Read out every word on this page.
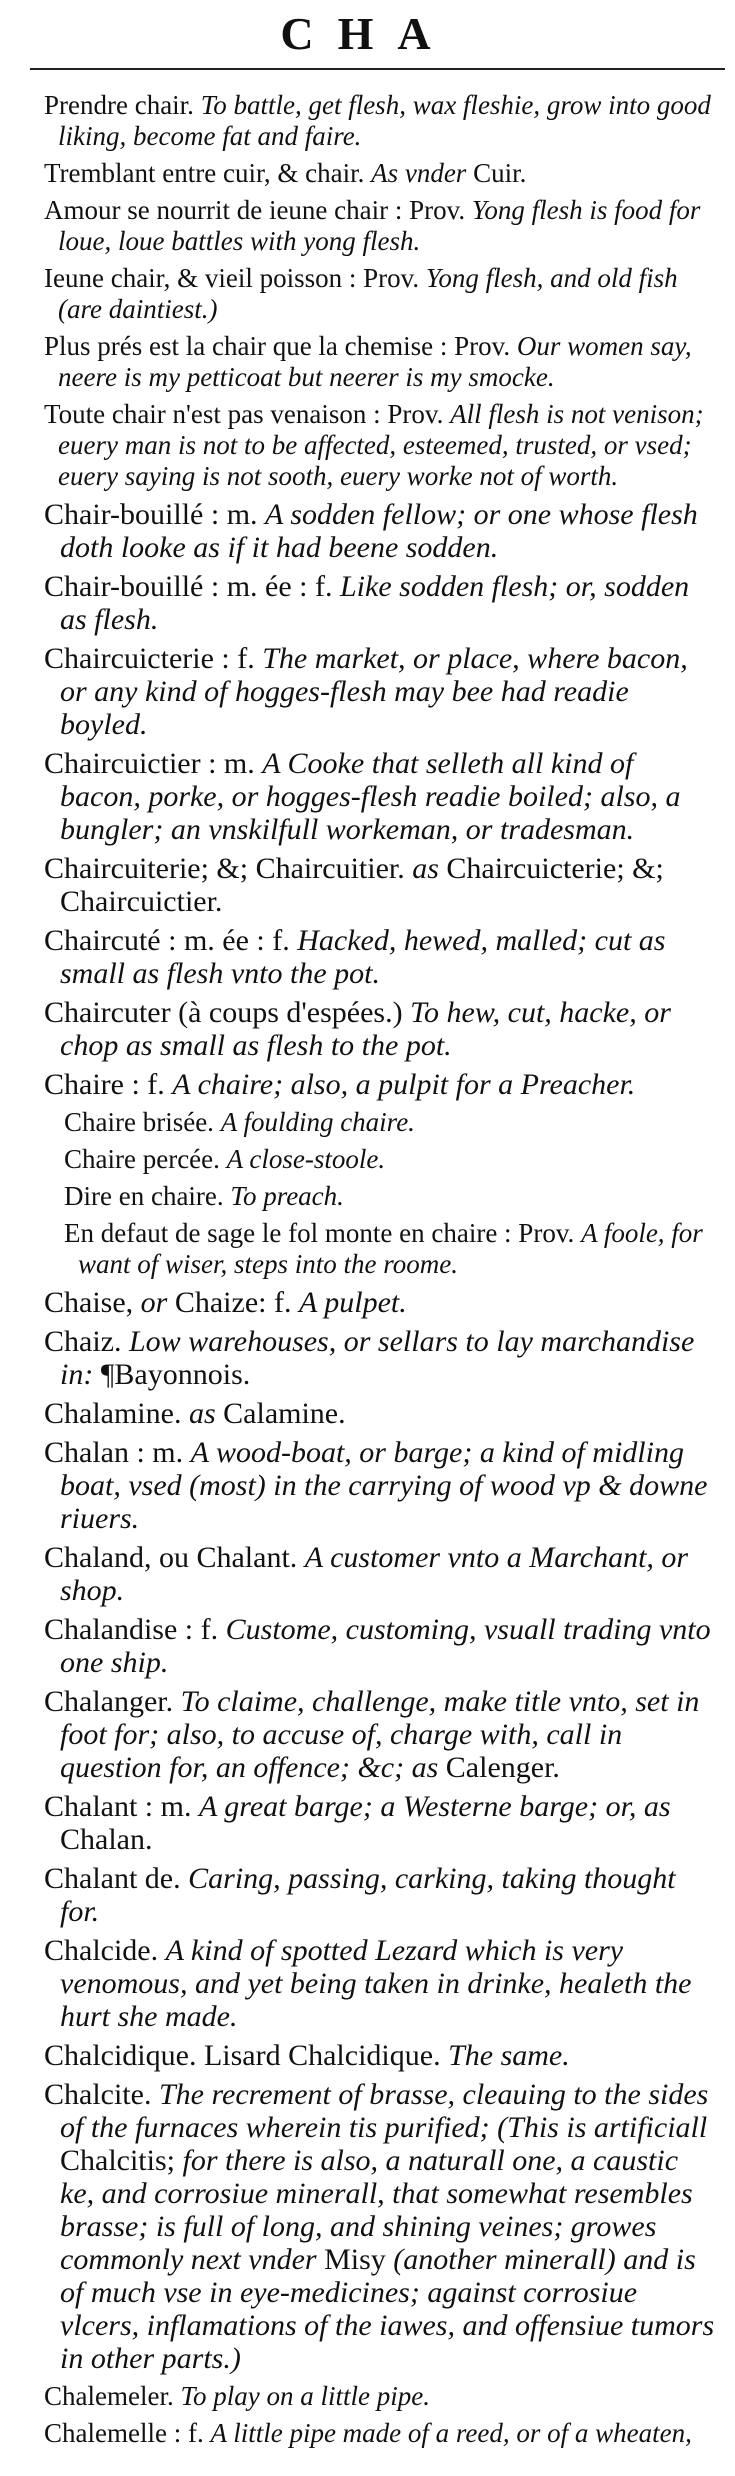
CHA
Prendre chair. To battle, get flesh, wax fleshie, grow into good liking, become fat and faire.
Tremblant entre cuir, & chair. As vnder Cuir.
Amour se nourrit de ieune chair : Prov. Yong flesh is food for loue, loue battles with yong flesh.
Ieune chair, & vieil poisson : Prov. Yong flesh, and old fish (are daintiest.)
Plus prés est la chair que la chemise : Prov. Our women say, neere is my petticoat but neerer is my smocke.
Toute chair n'est pas venaison : Prov. All flesh is not venison; euery man is not to be affected, esteemed, trusted, or vsed; euery saying is not sooth, euery worke not of worth.
Chair-bouillé : m. A sodden fellow; or one whose flesh doth looke as if it had beene sodden.
Chair-bouillé : m. ée : f. Like sodden flesh; or, sodden as flesh.
Chaircuicterie : f. The market, or place, where bacon, or any kind of hogges-flesh may bee had readie boyled.
Chaircuictier : m. A Cooke that selleth all kind of bacon, porke, or hogges-flesh readie boiled; also, a bungler; an vnskilfull workeman, or tradesman.
Chaircuiterie; &; Chaircuitier. as Chaircuicterie; &; Chaircuictier.
Chaircuté : m. ée : f. Hacked, hewed, malled; cut as small as flesh vnto the pot.
Chaircuter (à coups d'espées.) To hew, cut, hacke, or chop as small as flesh to the pot.
Chaire : f. A chaire; also, a pulpit for a Preacher.
Chaire brisée. A foulding chaire.
Chaire percée. A close-stoole.
Dire en chaire. To preach.
En defaut de sage le fol monte en chaire : Prov. A foole, for want of wiser, steps into the roome.
Chaise, or Chaize: f. A pulpet.
Chaiz. Low warehouses, or sellars to lay marchandise in: ¶Bayonnois.
Chalamine. as Calamine.
Chalan : m. A wood-boat, or barge; a kind of midling boat, vsed (most) in the carrying of wood vp & downe riuers.
Chaland, ou Chalant. A customer vnto a Marchant, or shop.
Chalandise : f. Custome, customing, vsuall trading vnto one ship.
Chalanger. To claime, challenge, make title vnto, set in foot for; also, to accuse of, charge with, call in question for, an offence; &c; as Calenger.
Chalant : m. A great barge; a Westerne barge; or, as Chalan.
Chalant de. Caring, passing, carking, taking thought for.
Chalcide. A kind of spotted Lezard which is very venomous, and yet being taken in drinke, healeth the hurt she made.
Chalcidique. Lisard Chalcidique. The same.
Chalcite. The recrement of brasse, cleauing to the sides of the furnaces wherein tis purified; (This is artificiall Chalcitis; for there is also, a naturall one, a caustic ke, and corrosiue minerall, that somewhat resembles brasse; is full of long, and shining veines; growes commonly next vnder Misy (another minerall) and is of much vse in eye-medicines; against corrosiue vlcers, inflamations of the iawes, and offensiue tumors in other parts.)
Chalemeler. To play on a little pipe.
Chalemelle : f. A little pipe made of a reed, or of a wheaten,
